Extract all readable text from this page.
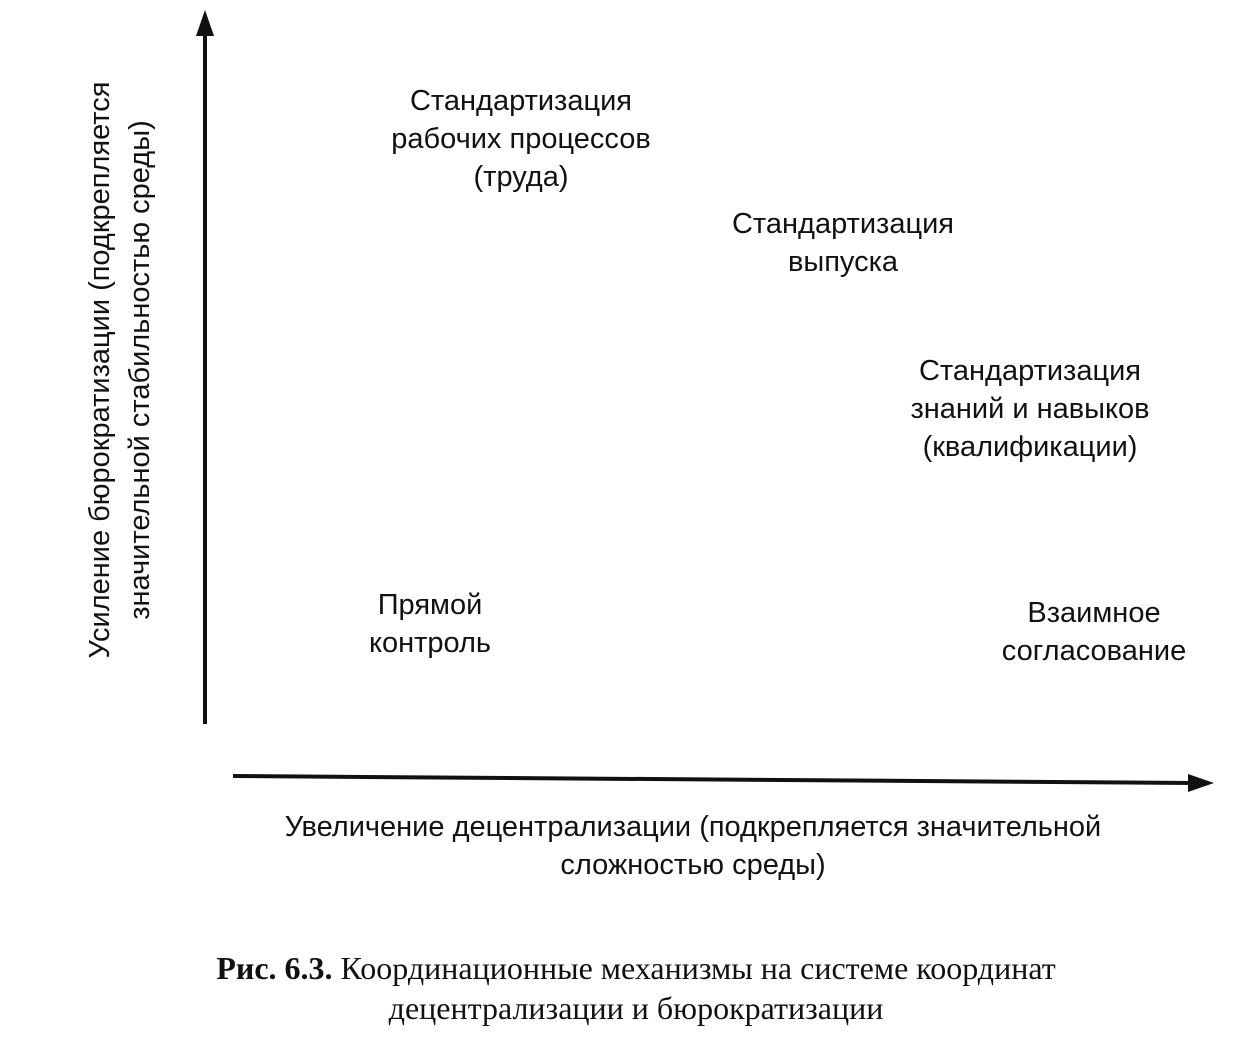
Усиление бюрократизации (подкрепляется значительной стабильностью среды)
Стандартизация
рабочих процессов
(труда)
Стандартизация
выпуска
Стандартизация
знаний и навыков
(квалификации)
Прямой
контроль
Взаимное
согласование
Увеличение децентрализации (подкрепляется значительной
сложностью среды)
Рис. 6.3. Координационные механизмы на системе координат
децентрализации и бюрократизации
